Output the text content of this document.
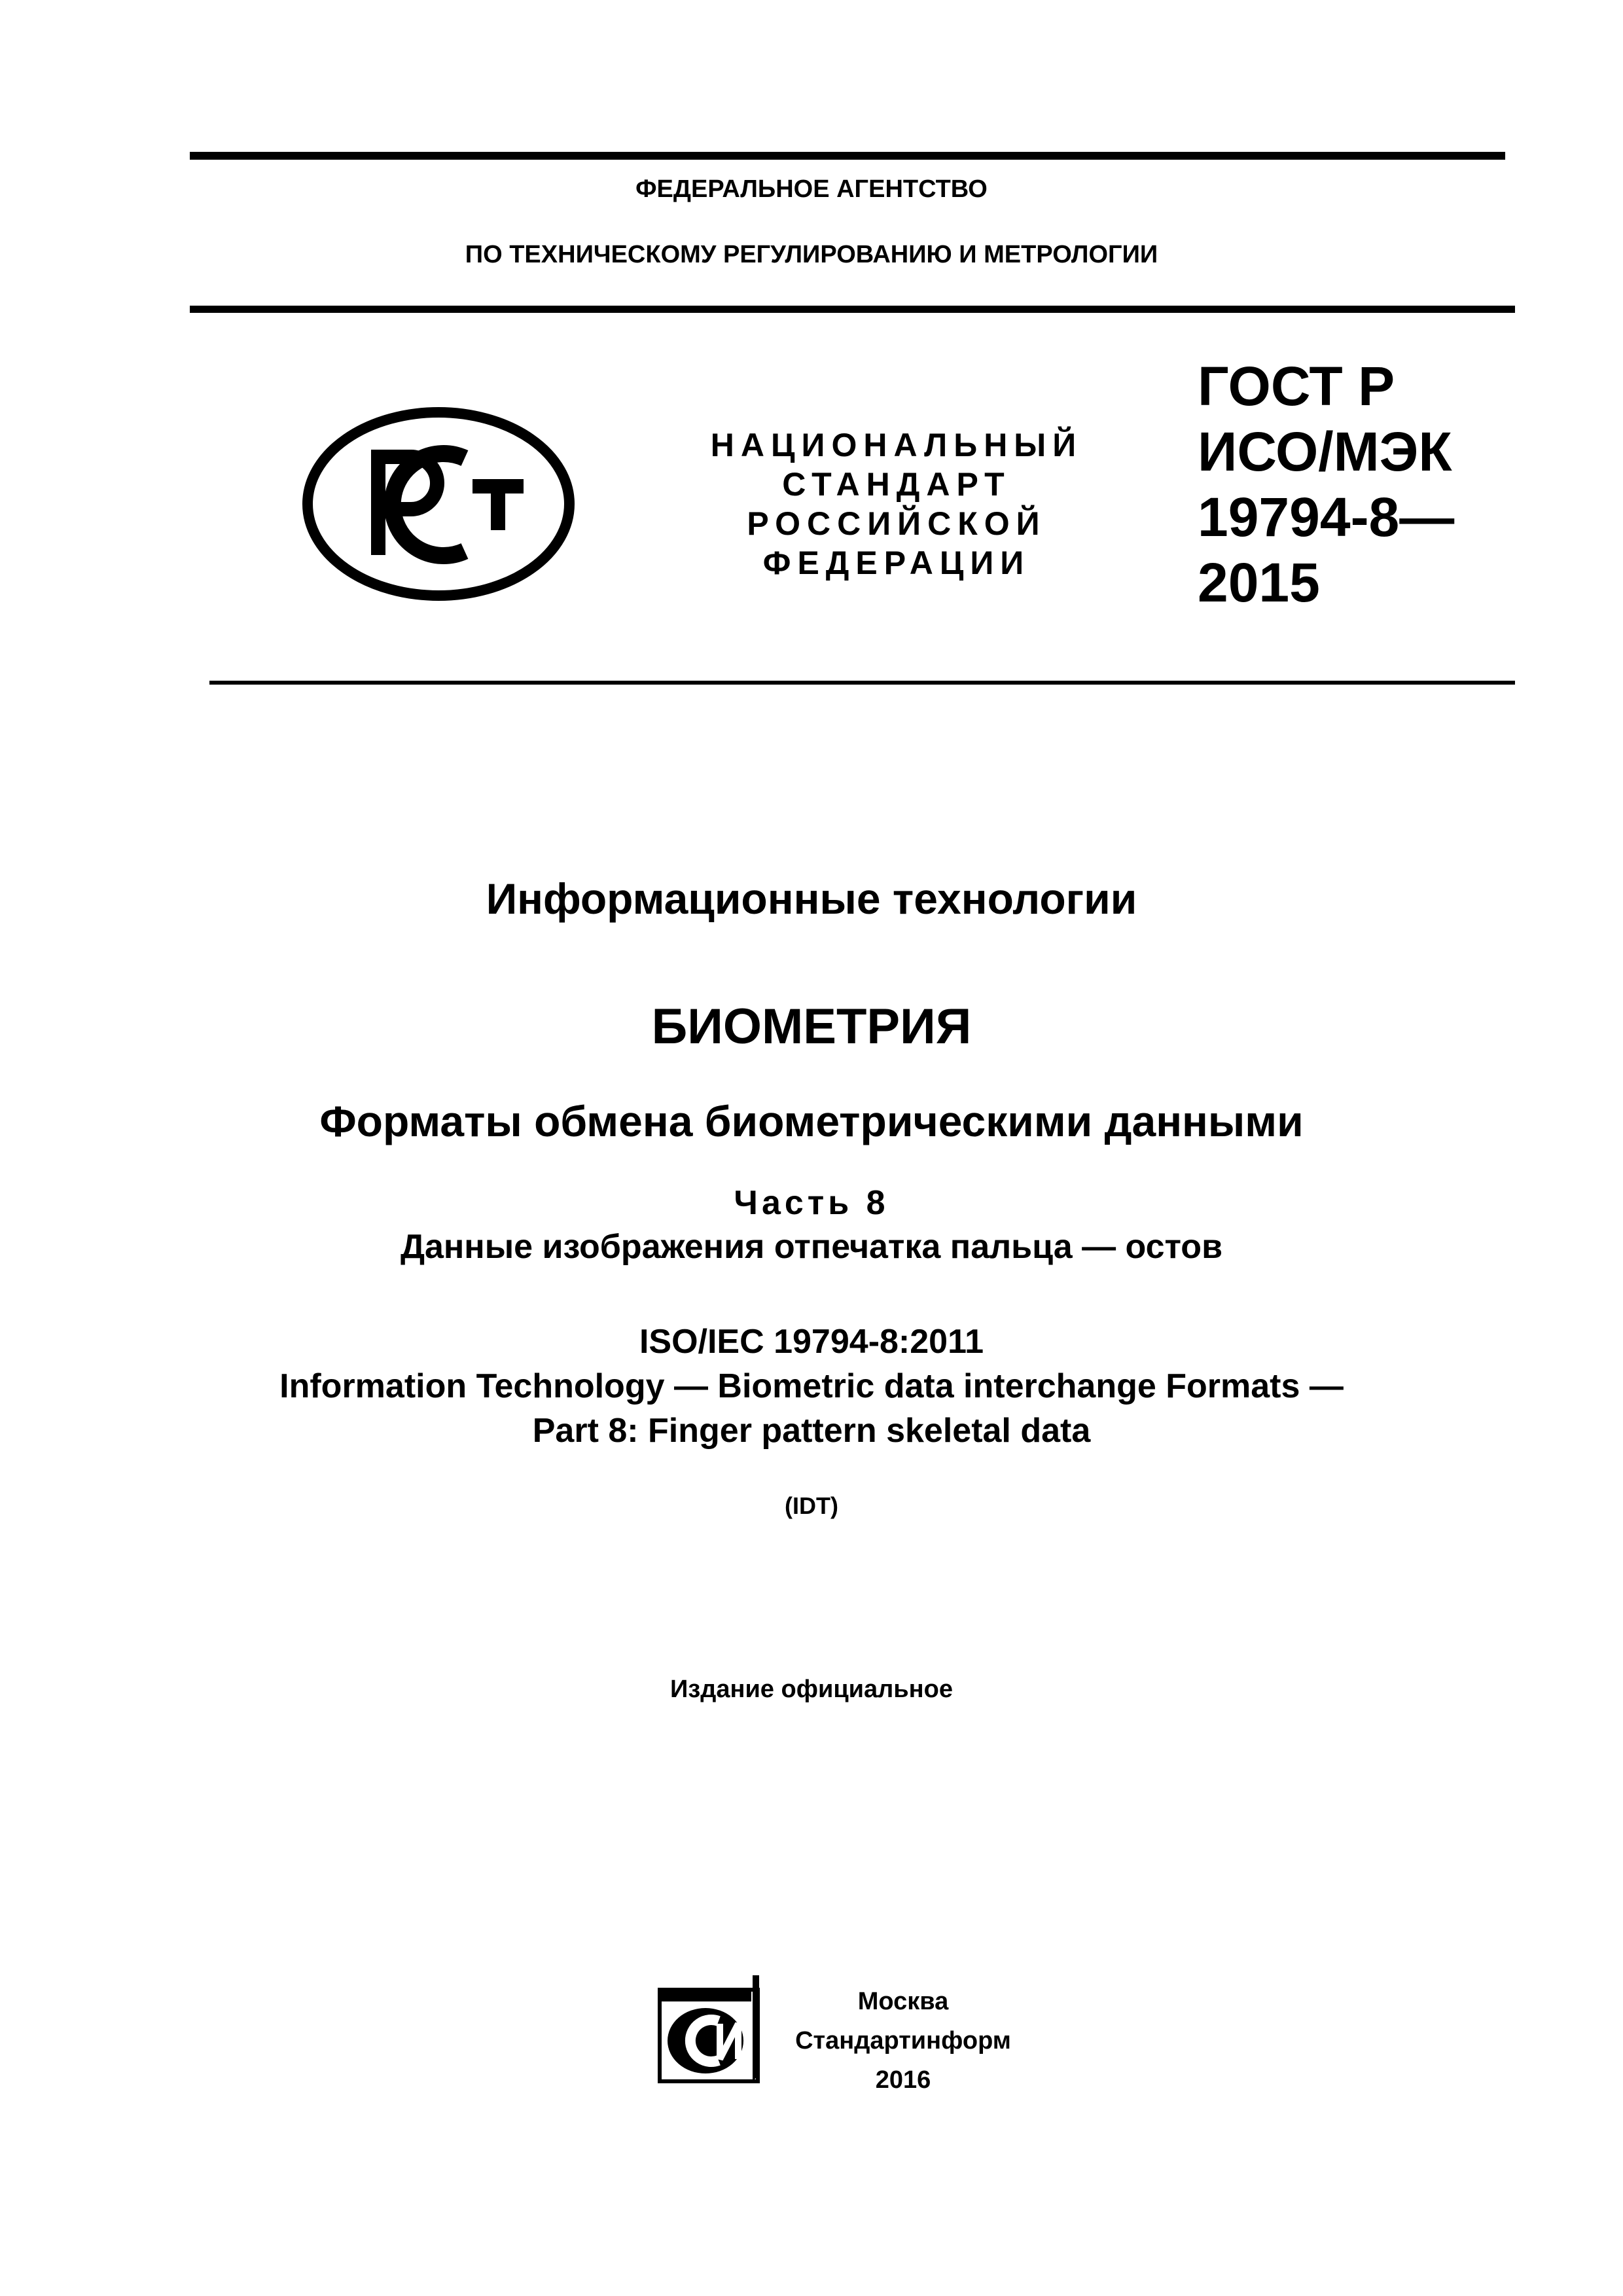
ФЕДЕРАЛЬНОЕ АГЕНТСТВО
ПО ТЕХНИЧЕСКОМУ РЕГУЛИРОВАНИЮ И МЕТРОЛОГИИ
НАЦИОНАЛЬНЫЙ
СТАНДАРТ
РОССИЙСКОЙ
ФЕДЕРАЦИИ
ГОСТ Р
ИСО/МЭК
19794-8—
2015
Информационные технологии
БИОМЕТРИЯ
Форматы обмена биометрическими данными
Часть 8
Данные изображения отпечатка пальца — остов
ISO/IEC 19794-8:2011
Information Technology — Biometric data interchange Formats —
Part 8: Finger pattern skeletal data
(IDT)
Издание официальное
Москва
Стандартинформ
2016
